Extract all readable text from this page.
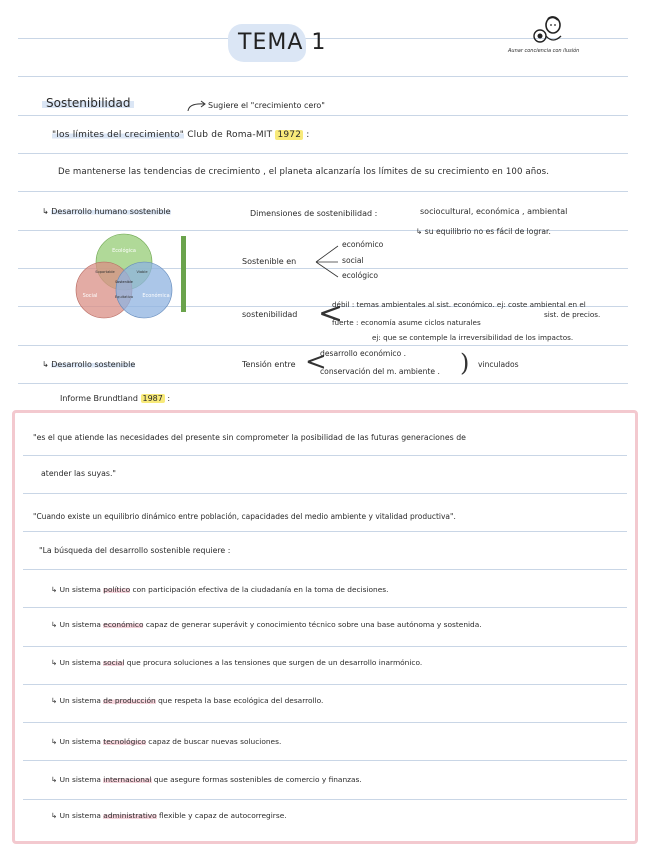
TEMA 1	Aunar conciencia con ilusión
Sostenibilidad	Sugiere el "crecimiento cero"
"los límites del crecimiento" Club de Roma-MIT 1972 :
De mantenerse las tendencias de crecimiento , el planeta alcanzaría los límites de su crecimiento en 100 años.
↳ Desarrollo humano sostenible
Ecológica
Social	Económica
Soportable	Viable
Equitativo
Sostenible
Dimensiones de sostenibilidad :	sociocultural, económica , ambiental
↳ su equilibrio no es fácil de lograr.
Sostenible en
económico
social
ecológico
sostenibilidad <
débil : temas ambientales al sist. económico. ej: coste ambiental en el
sist. de precios.
fuerte : economía asume ciclos naturales
ej: que se contemple la irreversibilidad de los impactos.
↳ Desarrollo sostenible	Tensión entre <
desarrollo económico .
conservación del m. ambiente . ) vinculados
Informe Brundtland 1987 :
"es el que atiende las necesidades del presente sin comprometer la posibilidad de las futuras generaciones de
atender las suyas."
"Cuando existe un equilibrio dinámico entre población, capacidades del medio ambiente y vitalidad productiva".
"La búsqueda del desarrollo sostenible requiere :
↳ Un sistema político con participación efectiva de la ciudadanía en la toma de decisiones.
↳ Un sistema económico capaz de generar superávit y conocimiento técnico sobre una base autónoma y sostenida.
↳ Un sistema social que procura soluciones a las tensiones que surgen de un desarrollo inarmónico.
↳ Un sistema de producción que respeta la base ecológica del desarrollo.
↳ Un sistema tecnológico capaz de buscar nuevas soluciones.
↳ Un sistema internacional que asegure formas sostenibles de comercio y finanzas.
↳ Un sistema administrativo flexible y capaz de autocorregirse.
